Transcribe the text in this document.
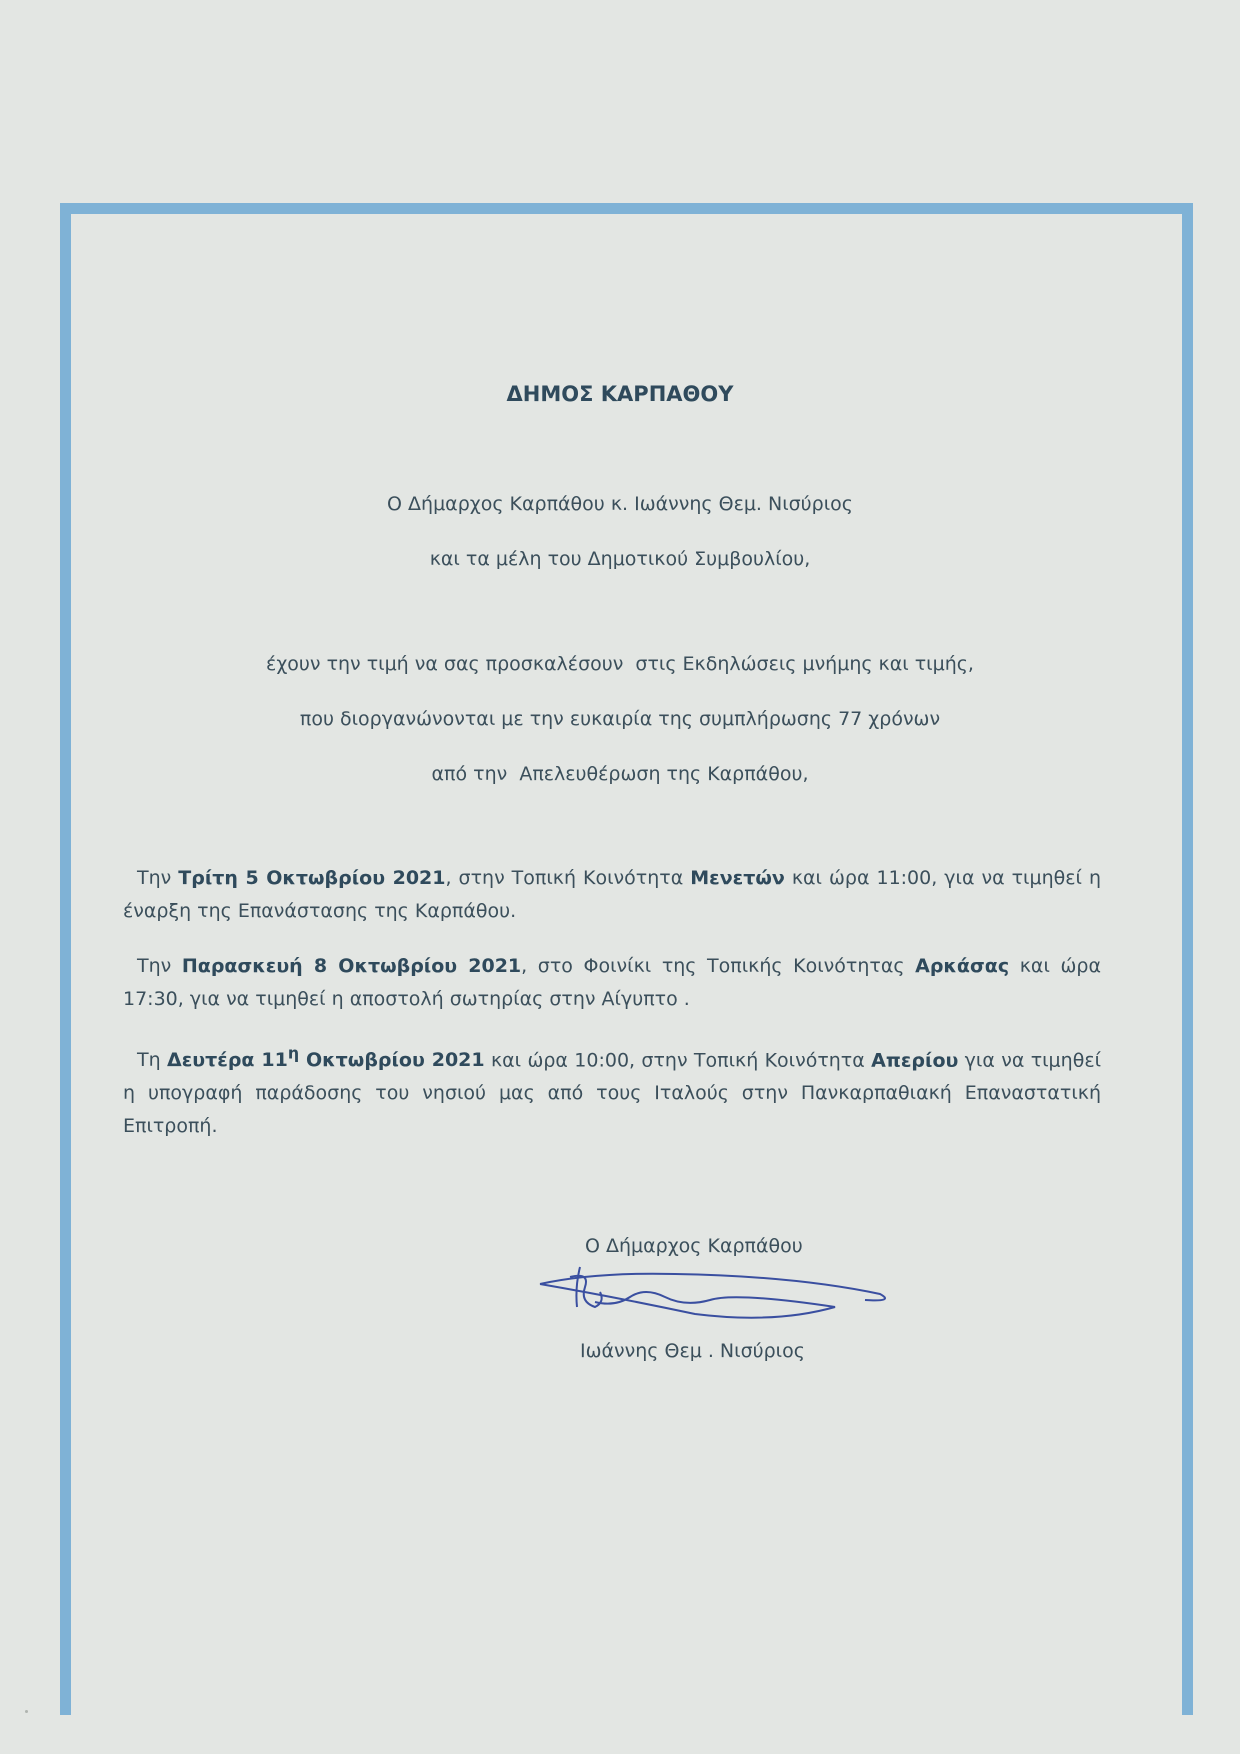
ΔΗΜΟΣ ΚΑΡΠΑΘΟΥ
Ο Δήμαρχος Καρπάθου κ. Ιωάννης Θεμ. Νισύριος
και τα μέλη του Δημοτικού Συμβουλίου,
έχουν την τιμή να σας προσκαλέσουν  στις Εκδηλώσεις μνήμης και τιμής,
που διοργανώνονται με την ευκαιρία της συμπλήρωσης 77 χρόνων
από την  Απελευθέρωση της Καρπάθου,
Την Τρίτη 5 Οκτωβρίου 2021, στην Τοπική Κοινότητα Μενετών και ώρα 11:00, για να τιμηθεί η έναρξη της Επανάστασης της Καρπάθου.
Την Παρασκευή 8 Οκτωβρίου 2021, στο Φοινίκι της Τοπικής Κοινότητας Αρκάσας και ώρα 17:30, για να τιμηθεί η αποστολή σωτηρίας στην Αίγυπτο .
Τη Δευτέρα $11^\eta$ Οκτωβρίου 2021 και ώρα 10:00, στην Τοπική Κοινότητα Απερίου για να τιμηθεί η υπογραφή παράδοσης του νησιού μας από τους Ιταλούς στην Πανκαρπαθιακή Επαναστατική Επιτροπή.
Ο Δήμαρχος Καρπάθου
Ιωάννης Θεμ . Νισύριος
